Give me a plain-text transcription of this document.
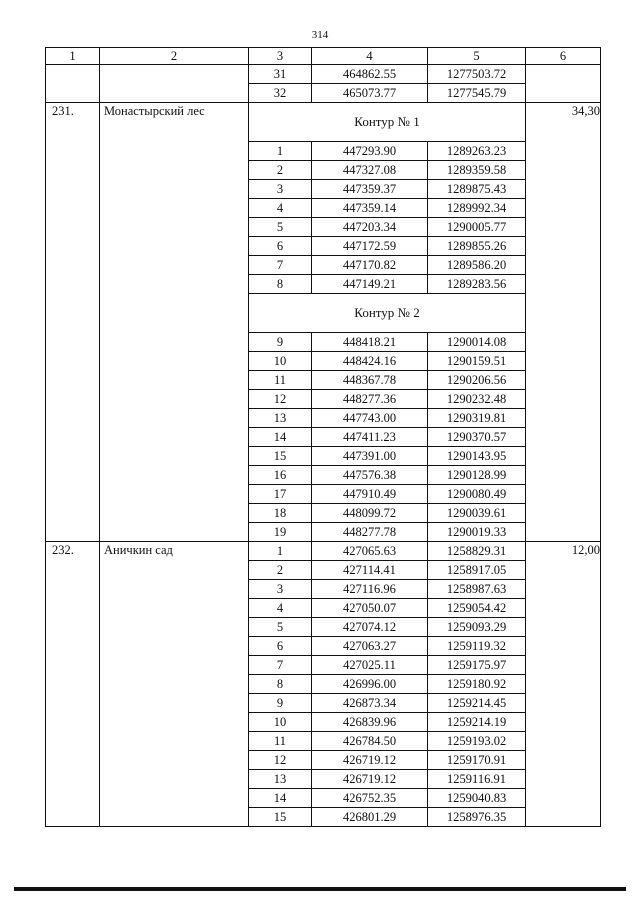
314
1	2	3	4	5	6
		31	464862.55	1277503.72	
		32	465073.77	1277545.79	
231.	Монастырский лес	Контур № 1			34,30
		1	447293.90	1289263.23	
		2	447327.08	1289359.58	
		3	447359.37	1289875.43	
		4	447359.14	1289992.34	
		5	447203.34	1290005.77	
		6	447172.59	1289855.26	
		7	447170.82	1289586.20	
		8	447149.21	1289283.56	
		Контур № 2			
		9	448418.21	1290014.08	
		10	448424.16	1290159.51	
		11	448367.78	1290206.56	
		12	448277.36	1290232.48	
		13	447743.00	1290319.81	
		14	447411.23	1290370.57	
		15	447391.00	1290143.95	
		16	447576.38	1290128.99	
		17	447910.49	1290080.49	
		18	448099.72	1290039.61	
		19	448277.78	1290019.33	
232.	Аничкин сад	1	427065.63	1258829.31	12,00
		2	427114.41	1258917.05	
		3	427116.96	1258987.63	
		4	427050.07	1259054.42	
		5	427074.12	1259093.29	
		6	427063.27	1259119.32	
		7	427025.11	1259175.97	
		8	426996.00	1259180.92	
		9	426873.34	1259214.45	
		10	426839.96	1259214.19	
		11	426784.50	1259193.02	
		12	426719.12	1259170.91	
		13	426719.12	1259116.91	
		14	426752.35	1259040.83	
		15	426801.29	1258976.35	
